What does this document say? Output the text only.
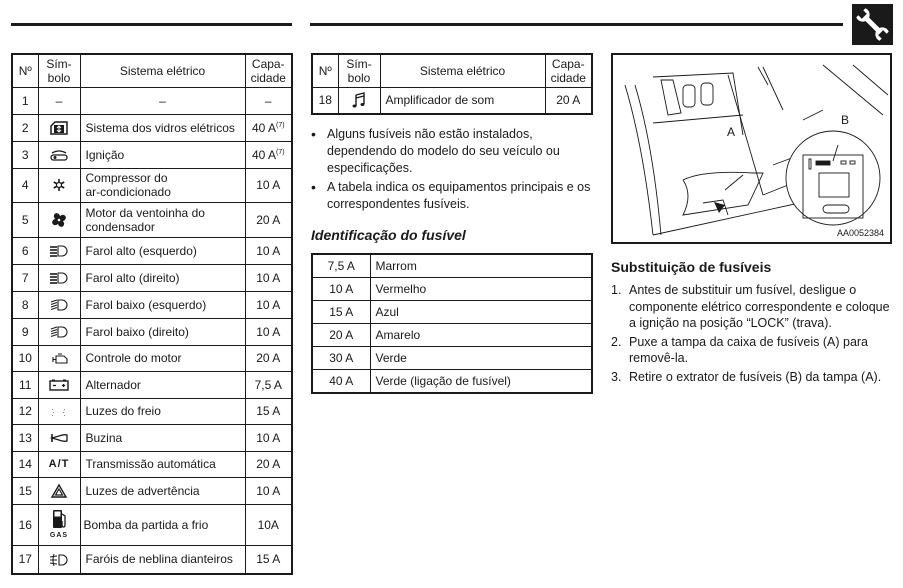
Nº	Sím-
bolo	Sistema elétrico	Capa-
cidade
1	–	–	–
2		Sistema dos vidros elétricos	40 $A^{(7)}$
3		Ignição	40 $A^{(7)}$
4		Compressor do
ar-condicionado	10 A
5		Motor da ventoinha do
condensador	20 A
6		Farol alto (esquerdo)	10 A
7		Farol alto (direito)	10 A
8		Farol baixo (esquerdo)	10 A
9		Farol baixo (direito)	10 A
10		Controle do motor	20 A
11		Alternador	7,5 A
12		Luzes do freio	15 A
13		Buzina	10 A
14	A/T	Transmissão automática	20 A
15		Luzes de advertência	10 A
16	GAS	Bomba da partida a frio	10A
17		Faróis de neblina dianteiros	15 A
Nº	Sím-
bolo	Sistema elétrico	Capa-
cidade
18		Amplificador de som	20 A
• Alguns fusíveis não estão instalados, dependendo do modelo do seu veículo ou especificações.
• A tabela indica os equipamentos principais e os correspondentes fusíveis.
Identificação do fusível
7,5 A	Marrom
10 A	Vermelho
15 A	Azul
20 A	Amarelo
30 A	Verde
40 A	Verde (ligação de fusível)
A
B
AA0052384
Substituição de fusíveis
1. Antes de substituir um fusível, desligue o componente elétrico correspondente e coloque a ignição na posição “LOCK” (trava).
2. Puxe a tampa da caixa de fusíveis (A) para removê-la.
3. Retire o extrator de fusíveis (B) da tampa (A).
